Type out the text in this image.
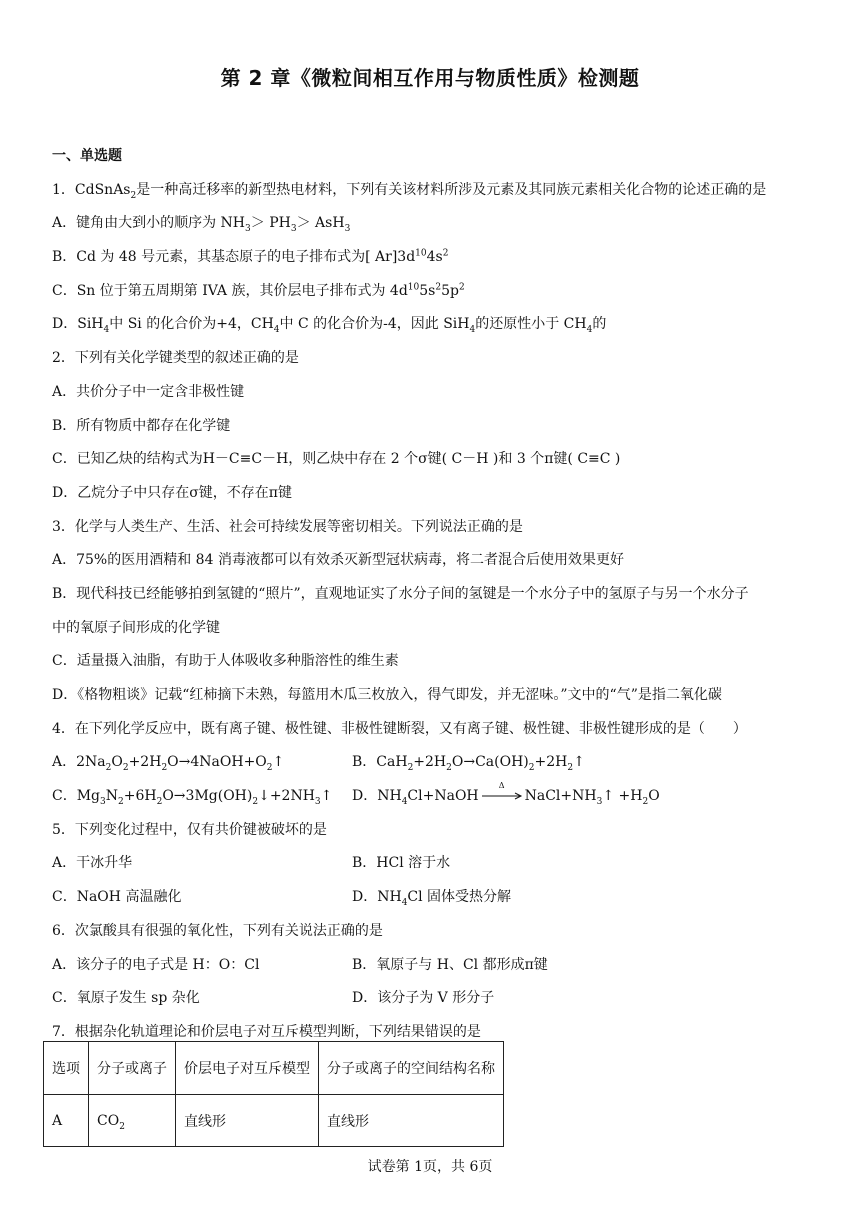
第 2 章《微粒间相互作用与物质性质》检测题
一、单选题
1．CdSnAs$_2$是一种高迁移率的新型热电材料，下列有关该材料所涉及元素及其同族元素相关化合物的论述正确的是
A．键角由大到小的顺序为 $NH_3> PH_3> AsH_3$
B．Cd 为 48 号元素，其基态原子的电子排布式为[ $Ar]3d^{10}4s^2$
C．Sn 位于第五周期第 IVA 族，其价层电子排布式为 $4d^{10}5s^25p^2$
D．SiH$_4$中 Si 的化合价为+4，$CH_4$中 C 的化合价为-4，因此 SiH$_4$的还原性小于 $CH_4$的
2．下列有关化学键类型的叙述正确的是
A．共价分子中一定含非极性键
B．所有物质中都存在化学键
C．已知乙炔的结构式为H－C≡C－H，则乙炔中存在 2 个σ键( C－H )和 3 个π键( C≡C )
D．乙烷分子中只存在σ键，不存在π键
3．化学与人类生产、生活、社会可持续发展等密切相关。下列说法正确的是
A．75%的医用酒精和 84 消毒液都可以有效杀灭新型冠状病毒，将二者混合后使用效果更好
B．现代科技已经能够拍到氢键的“照片”，直观地证实了水分子间的氢键是一个水分子中的氢原子与另一个水分子
中的氧原子间形成的化学键
C．适量摄入油脂，有助于人体吸收多种脂溶性的维生素
D．《格物粗谈》记载“红柿摘下未熟，每篮用木瓜三枚放入，得气即发，并无涩味。”文中的“气”是指二氧化碳
4．在下列化学反应中，既有离子键、极性键、非极性键断裂，又有离子键、极性键、非极性键形成的是（　　）
A．$2Na_2O_2+2H_2O\to 4NaOH+O_2↑$	B．$CaH_2+2H_2O\to Ca(OH)_2+2H_2↑$
C．$Mg_3N_2+6H_2O\to 3Mg(OH)_2↓+2NH_3↑$	D．$NH_4Cl+NaOH$
Δ
$NaCl+NH_3↑ +H_2O$
5．下列变化过程中，仅有共价键被破坏的是
A．干冰升华	B．HCl 溶于水
C．NaOH 高温融化	D．$NH_4Cl$ 固体受热分解
6．次氯酸具有很强的氧化性，下列有关说法正确的是
A．该分子的电子式是 H：O：Cl	B．氧原子与 H、Cl 都形成π键
C．氧原子发生 sp 杂化	D．该分子为 V 形分子
7．根据杂化轨道理论和价层电子对互斥模型判断，下列结果错误的是
选项	分子或离子	价层电子对互斥模型	分子或离子的空间结构名称
A	$CO_2$	直线形	直线形
试卷第 1页，共 6页
